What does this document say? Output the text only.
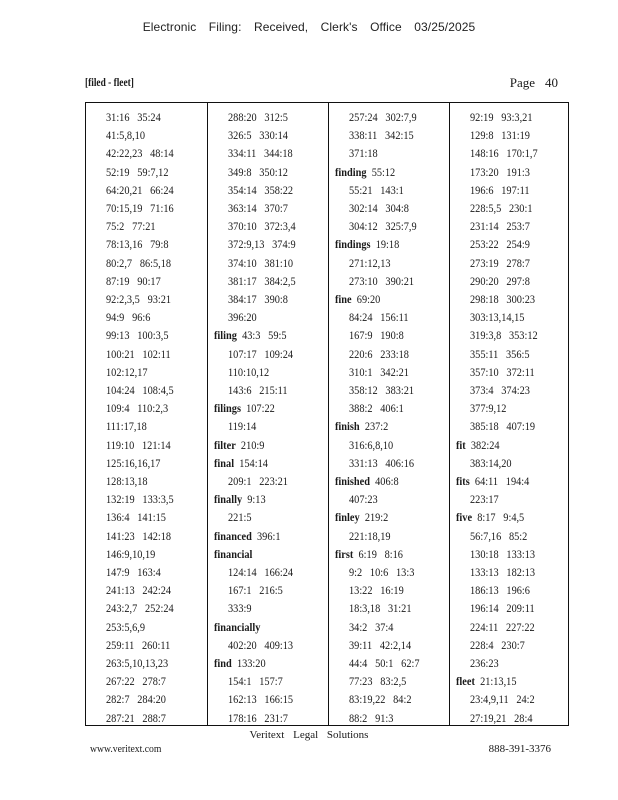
Electronic Filing: Received, Clerk's Office 03/25/2025
[filed - fleet]	Page 40
31:16 35:24
41:5,8,10
42:22,23 48:14
52:19 59:7,12
64:20,21 66:24
70:15,19 71:16
75:2 77:21
78:13,16 79:8
80:2,7 86:5,18
87:19 90:17
92:2,3,5 93:21
94:9 96:6
99:13 100:3,5
100:21 102:11
102:12,17
104:24 108:4,5
109:4 110:2,3
111:17,18
119:10 121:14
125:16,16,17
128:13,18
132:19 133:3,5
136:4 141:15
141:23 142:18
146:9,10,19
147:9 163:4
241:13 242:24
243:2,7 252:24
253:5,6,9
259:11 260:11
263:5,10,13,23
267:22 278:7
282:7 284:20
287:21 288:7
288:20 312:5
326:5 330:14
334:11 344:18
349:8 350:12
354:14 358:22
363:14 370:7
370:10 372:3,4
372:9,13 374:9
374:10 381:10
381:17 384:2,5
384:17 390:8
396:20
filing 43:3 59:5
107:17 109:24
110:10,12
143:6 215:11
filings 107:22
119:14
filter 210:9
final 154:14
209:1 223:21
finally 9:13
221:5
financed 396:1
financial
124:14 166:24
167:1 216:5
333:9
financially
402:20 409:13
find 133:20
154:1 157:7
162:13 166:15
178:16 231:7
257:24 302:7,9
338:11 342:15
371:18
finding 55:12
55:21 143:1
302:14 304:8
304:12 325:7,9
findings 19:18
271:12,13
273:10 390:21
fine 69:20
84:24 156:11
167:9 190:8
220:6 233:18
310:1 342:21
358:12 383:21
388:2 406:1
finish 237:2
316:6,8,10
331:13 406:16
finished 406:8
407:23
finley 219:2
221:18,19
first 6:19 8:16
9:2 10:6 13:3
13:22 16:19
18:3,18 31:21
34:2 37:4
39:11 42:2,14
44:4 50:1 62:7
77:23 83:2,5
83:19,22 84:2
88:2 91:3
92:19 93:3,21
129:8 131:19
148:16 170:1,7
173:20 191:3
196:6 197:11
228:5,5 230:1
231:14 253:7
253:22 254:9
273:19 278:7
290:20 297:8
298:18 300:23
303:13,14,15
319:3,8 353:12
355:11 356:5
357:10 372:11
373:4 374:23
377:9,12
385:18 407:19
fit 382:24
383:14,20
fits 64:11 194:4
223:17
five 8:17 9:4,5
56:7,16 85:2
130:18 133:13
133:13 182:13
186:13 196:6
196:14 209:11
224:11 227:22
228:4 230:7
236:23
fleet 21:13,15
23:4,9,11 24:2
27:19,21 28:4
Veritext Legal Solutions
www.veritext.com	888-391-3376
